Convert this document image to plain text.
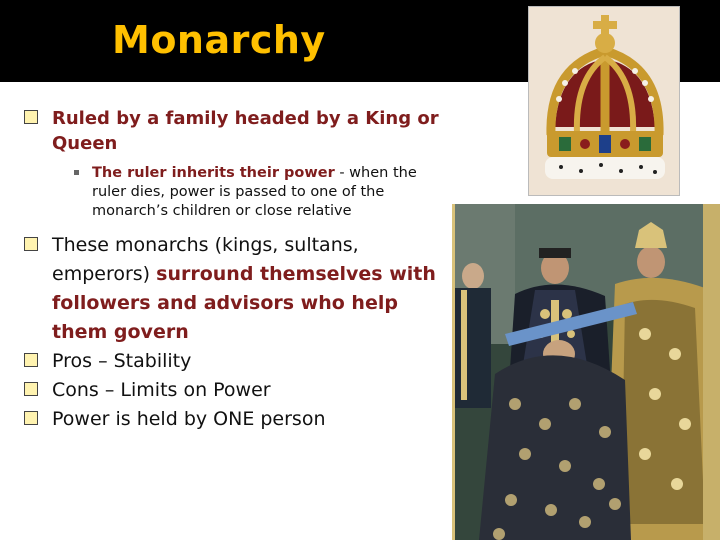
Monarchy
Ruled by a family headed by a King or Queen
The ruler inherits their power - when the ruler dies, power is passed to one of the monarch’s children or close relative
These monarchs (kings, sultans, emperors) surround themselves with followers and advisors who help them govern
Pros – Stability
Cons – Limits on Power
Power is held by ONE person
